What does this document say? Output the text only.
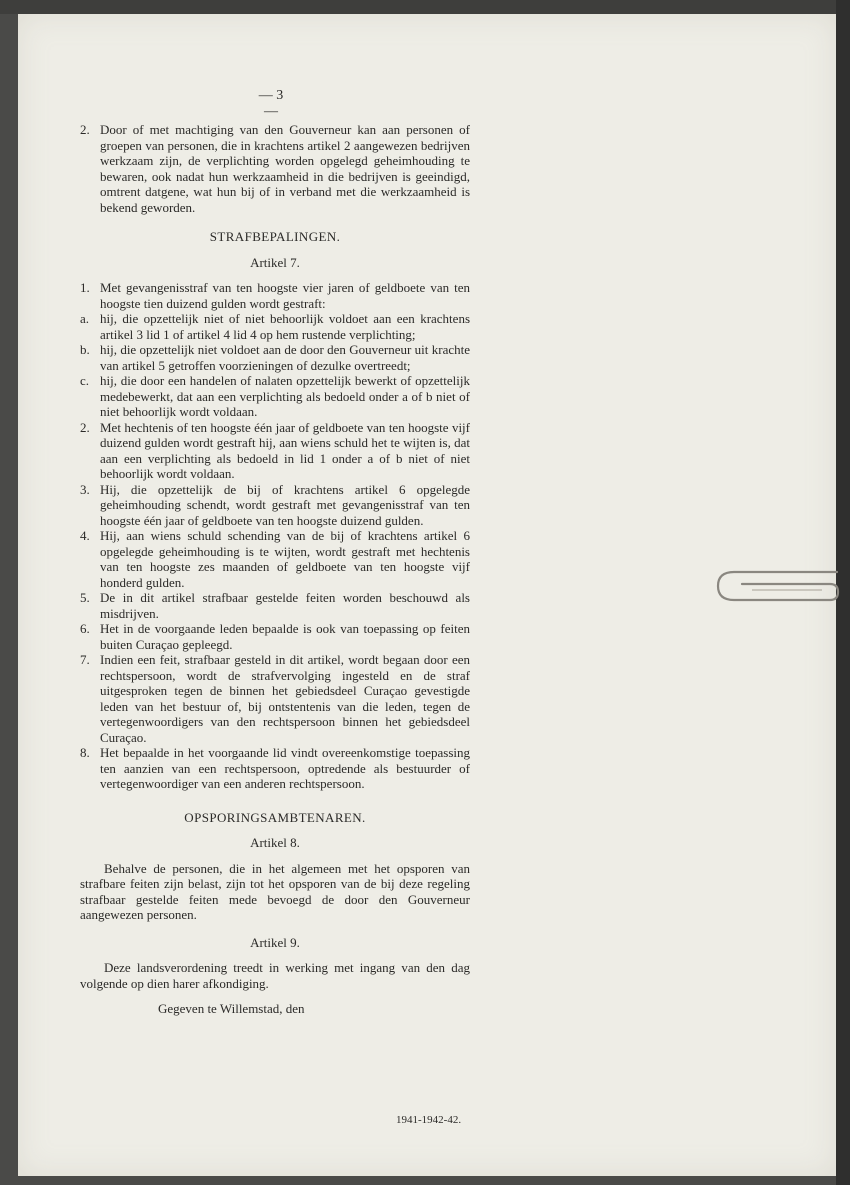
— 3 —
2. Door of met machtiging van den Gouverneur kan aan personen of groepen van personen, die in krachtens artikel 2 aangewezen bedrijven werkzaam zijn, de verplichting worden opgelegd geheimhouding te bewaren, ook nadat hun werkzaamheid in die bedrijven is geeindigd, omtrent datgene, wat hun bij of in verband met die werkzaamheid is bekend geworden.

STRAFBEPALINGEN.

Artikel 7.

1. Met gevangenisstraf van ten hoogste vier jaren of geldboete van ten hoogste tien duizend gulden wordt gestraft:
a. hij, die opzettelijk niet of niet behoorlijk voldoet aan een krachtens artikel 3 lid 1 of artikel 4 lid 4 op hem rustende verplichting;
b. hij, die opzettelijk niet voldoet aan de door den Gouverneur uit krachte van artikel 5 getroffen voorzieningen of dezulke overtreedt;
c. hij, die door een handelen of nalaten opzettelijk bewerkt of opzettelijk medebewerkt, dat aan een verplichting als bedoeld onder a of b niet of niet behoorlijk wordt voldaan.
2. Met hechtenis of ten hoogste één jaar of geldboete van ten hoogste vijf duizend gulden wordt gestraft hij, aan wiens schuld het te wijten is, dat aan een verplichting als bedoeld in lid 1 onder a of b niet of niet behoorlijk wordt voldaan.
3. Hij, die opzettelijk de bij of krachtens artikel 6 opgelegde geheimhouding schendt, wordt gestraft met gevangenisstraf van ten hoogste één jaar of geldboete van ten hoogste duizend gulden.
4. Hij, aan wiens schuld schending van de bij of krachtens artikel 6 opgelegde geheimhouding is te wijten, wordt gestraft met hechtenis van ten hoogste zes maanden of geldboete van ten hoogste vijf honderd gulden.
5. De in dit artikel strafbaar gestelde feiten worden beschouwd als misdrijven.
6. Het in de voorgaande leden bepaalde is ook van toepassing op feiten buiten Curaçao gepleegd.
7. Indien een feit, strafbaar gesteld in dit artikel, wordt begaan door een rechtspersoon, wordt de strafvervolging ingesteld en de straf uitgesproken tegen de binnen het gebiedsdeel Curaçao gevestigde leden van het bestuur of, bij ontstentenis van die leden, tegen de vertegenwoordigers van den rechtspersoon binnen het gebiedsdeel Curaçao.
8. Het bepaalde in het voorgaande lid vindt overeenkomstige toepassing ten aanzien van een rechtspersoon, optredende als bestuurder of vertegenwoordiger van een anderen rechtspersoon.

OPSPORINGSAMBTENAREN.

Artikel 8.

Behalve de personen, die in het algemeen met het opsporen van strafbare feiten zijn belast, zijn tot het opsporen van de bij deze regeling strafbaar gestelde feiten mede bevoegd de door den Gouverneur aangewezen personen.

Artikel 9.

Deze landsverordening treedt in werking met ingang van den dag volgende op dien harer afkondiging.

Gegeven te Willemstad, den

1941-1942-42.
